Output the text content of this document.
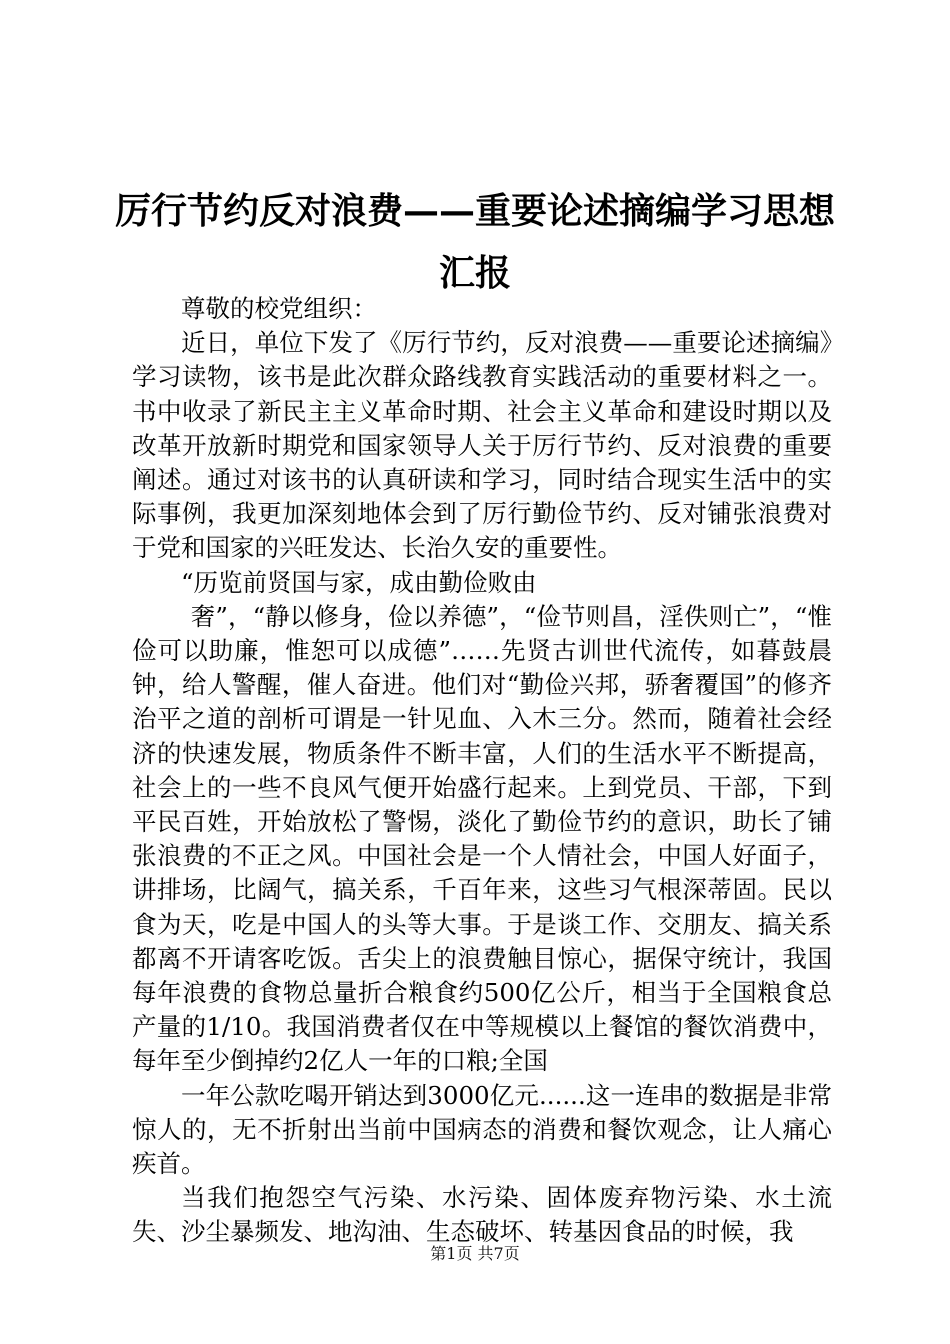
厉行节约反对浪费——重要论述摘编学习思想汇报

尊敬的校党组织：

近日，单位下发了《厉行节约，反对浪费——重要论述摘编》学习读物，该书是此次群众路线教育实践活动的重要材料之一。书中收录了新民主主义革命时期、社会主义革命和建设时期以及改革开放新时期党和国家领导人关于厉行节约、反对浪费的重要阐述。通过对该书的认真研读和学习，同时结合现实生活中的实际事例，我更加深刻地体会到了厉行勤俭节约、反对铺张浪费对于党和国家的兴旺发达、长治久安的重要性。

“历览前贤国与家，成由勤俭败由

奢”，“静以修身，俭以养德”，“俭节则昌，淫佚则亡”，“惟俭可以助廉，惟恕可以成德”……先贤古训世代流传，如暮鼓晨钟，给人警醒，催人奋进。他们对“勤俭兴邦，骄奢覆国”的修齐治平之道的剖析可谓是一针见血、入木三分。然而，随着社会经济的快速发展，物质条件不断丰富，人们的生活水平不断提高，社会上的一些不良风气便开始盛行起来。上到党员、干部，下到平民百姓，开始放松了警惕，淡化了勤俭节约的意识，助长了铺张浪费的不正之风。中国社会是一个人情社会，中国人好面子，讲排场，比阔气，搞关系，千百年来，这些习气根深蒂固。民以食为天，吃是中国人的头等大事。于是谈工作、交朋友、搞关系都离不开请客吃饭。舌尖上的浪费触目惊心，据保守统计，我国每年浪费的食物总量折合粮食约500亿公斤，相当于全国粮食总产量的1/10。我国消费者仅在中等规模以上餐馆的餐饮消费中，每年至少倒掉约2亿人一年的口粮;全国

一年公款吃喝开销达到3000亿元......这一连串的数据是非常惊人的，无不折射出当前中国病态的消费和餐饮观念，让人痛心疾首。

当我们抱怨空气污染、水污染、固体废弃物污染、水土流失、沙尘暴频发、地沟油、生态破坏、转基因食品的时候，我

第1页 共7页
